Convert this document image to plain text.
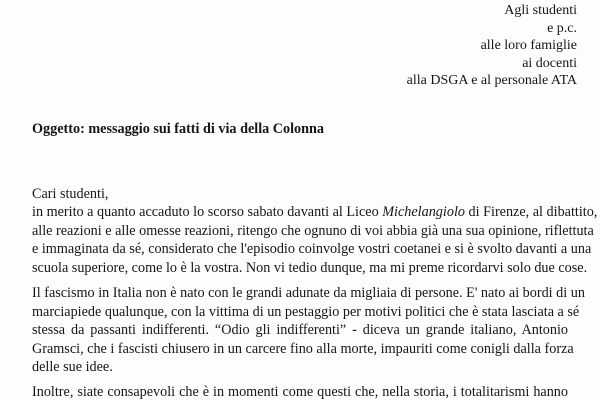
Agli studenti
e p.c.
alle loro famiglie
ai docenti
alla DSGA e al personale ATA
Oggetto: messaggio sui fatti di via della Colonna
Cari studenti,
in merito a quanto accaduto lo scorso sabato davanti al Liceo Michelangiolo di Firenze, al dibattito,
alle reazioni e alle omesse reazioni, ritengo che ognuno di voi abbia già una sua opinione, riflettuta
e immaginata da sé, considerato che l'episodio coinvolge vostri coetanei e si è svolto davanti a una
scuola superiore, come lo è la vostra. Non vi tedio dunque, ma mi preme ricordarvi solo due cose.
Il fascismo in Italia non è nato con le grandi adunate da migliaia di persone. E' nato ai bordi di un
marciapiede qualunque, con la vittima di un pestaggio per motivi politici che è stata lasciata a sé
stessa da passanti indifferenti. “Odio gli indifferenti” - diceva un grande italiano, Antonio
Gramsci, che i fascisti chiusero in un carcere fino alla morte, impauriti come conigli dalla forza
delle sue idee.
Inoltre, siate consapevoli che è in momenti come questi che, nella storia, i totalitarismi hanno
